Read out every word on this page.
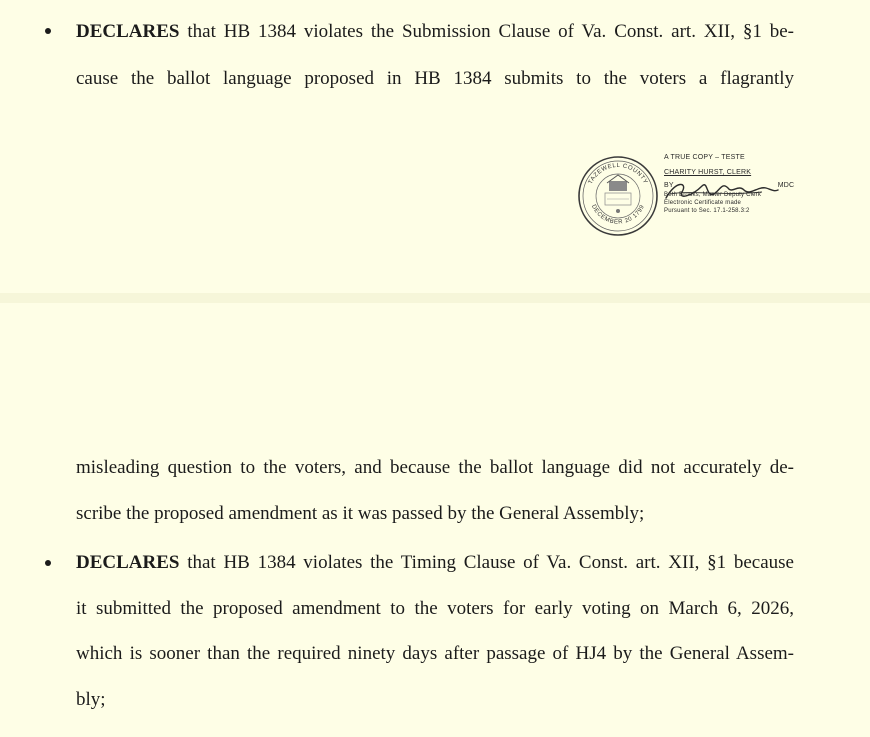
DECLARES that HB 1384 violates the Submission Clause of Va. Const. art. XII, §1 be-
cause the ballot language proposed in HB 1384 submits to the voters a flagrantly
TAZEWELL COUNTY
DECEMBER 20 1799
A TRUE COPY – TESTE
CHARITY HURST, CLERK
BY	MDC
Beth Brooks, Master Deputy Clerk
Electronic Certificate made
Pursuant to Sec. 17.1-258.3:2
misleading question to the voters, and because the ballot language did not accurately de-
scribe the proposed amendment as it was passed by the General Assembly;
DECLARES that HB 1384 violates the Timing Clause of Va. Const. art. XII, §1 because
it submitted the proposed amendment to the voters for early voting on March 6, 2026,
which is sooner than the required ninety days after passage of HJ4 by the General Assem-
bly;
